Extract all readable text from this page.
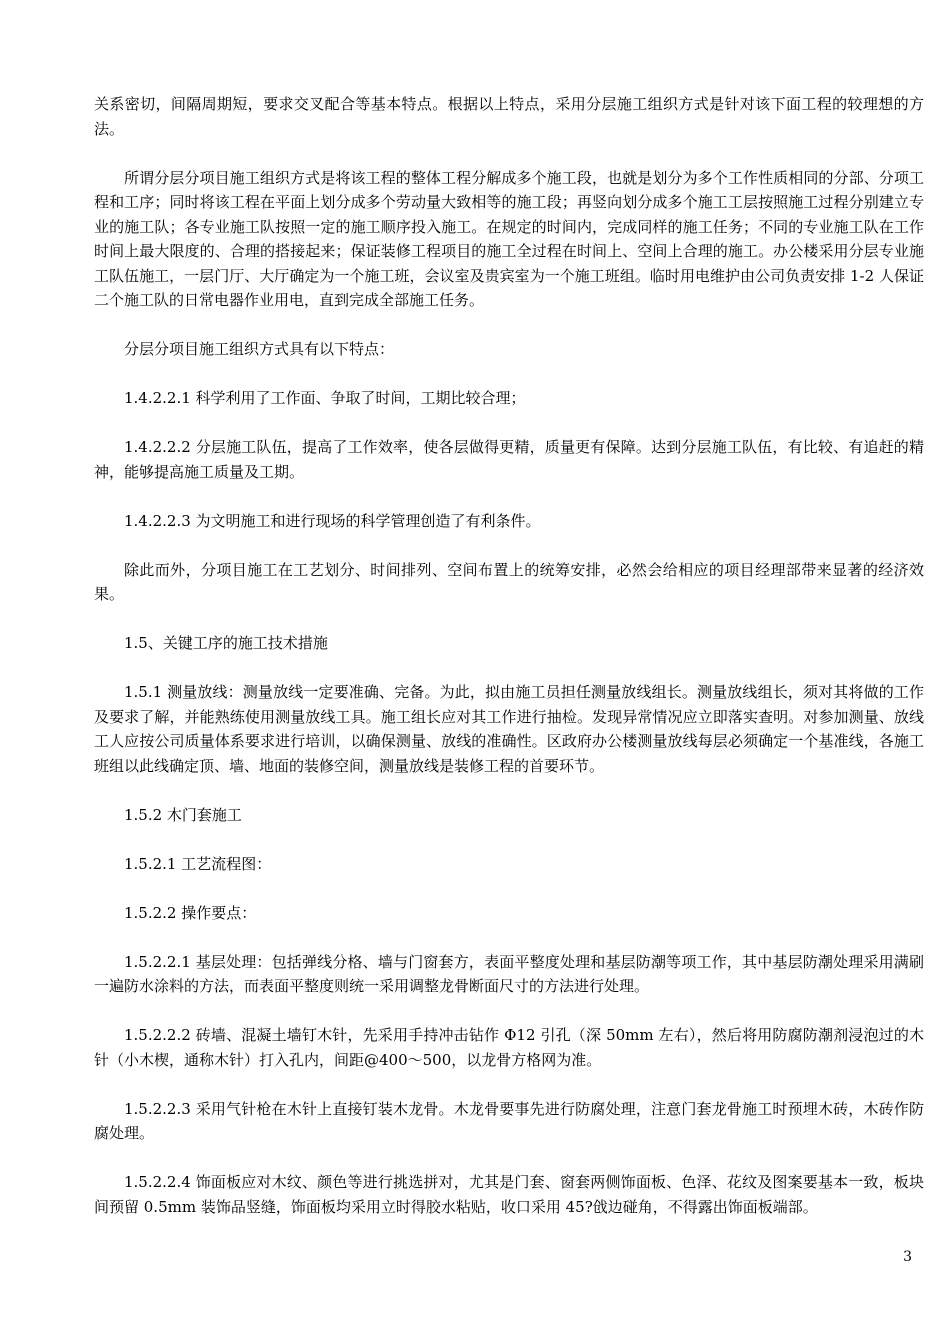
关系密切，间隔周期短，要求交叉配合等基本特点。根据以上特点，采用分层施工组织方式是针对该下面工程的较理想的方法。

所谓分层分项目施工组织方式是将该工程的整体工程分解成多个施工段，也就是划分为多个工作性质相同的分部、分项工程和工序；同时将该工程在平面上划分成多个劳动量大致相等的施工段；再竖向划分成多个施工工层按照施工过程分别建立专业的施工队；各专业施工队按照一定的施工顺序投入施工。在规定的时间内，完成同样的施工任务；不同的专业施工队在工作时间上最大限度的、合理的搭接起来；保证装修工程项目的施工全过程在时间上、空间上合理的施工。办公楼采用分层专业施工队伍施工，一层门厅、大厅确定为一个施工班，会议室及贵宾室为一个施工班组。临时用电维护由公司负责安排 1-2 人保证二个施工队的日常电器作业用电，直到完成全部施工任务。

分层分项目施工组织方式具有以下特点：

1.4.2.2.1 科学利用了工作面、争取了时间，工期比较合理；

1.4.2.2.2 分层施工队伍，提高了工作效率，使各层做得更精，质量更有保障。达到分层施工队伍，有比较、有追赶的精神，能够提高施工质量及工期。

1.4.2.2.3 为文明施工和进行现场的科学管理创造了有利条件。

除此而外，分项目施工在工艺划分、时间排列、空间布置上的统筹安排，必然会给相应的项目经理部带来显著的经济效果。

1.5、关键工序的施工技术措施

1.5.1 测量放线：测量放线一定要准确、完备。为此，拟由施工员担任测量放线组长。测量放线组长，须对其将做的工作及要求了解，并能熟练使用测量放线工具。施工组长应对其工作进行抽检。发现异常情况应立即落实查明。对参加测量、放线工人应按公司质量体系要求进行培训，以确保测量、放线的准确性。区政府办公楼测量放线每层必须确定一个基准线，各施工班组以此线确定顶、墙、地面的装修空间，测量放线是装修工程的首要环节。

1.5.2 木门套施工

1.5.2.1 工艺流程图：

1.5.2.2 操作要点：

1.5.2.2.1 基层处理：包括弹线分格、墙与门窗套方，表面平整度处理和基层防潮等项工作，其中基层防潮处理采用满刷一遍防水涂料的方法，而表面平整度则统一采用调整龙骨断面尺寸的方法进行处理。

1.5.2.2.2 砖墙、混凝土墙钉木针，先采用手持冲击钻作 Φ12 引孔（深 50mm 左右），然后将用防腐防潮剂浸泡过的木针（小木楔，通称木针）打入孔内，间距@400～500，以龙骨方格网为准。

1.5.2.2.3 采用气针枪在木针上直接钉装木龙骨。木龙骨要事先进行防腐处理，注意门套龙骨施工时预埋木砖，木砖作防腐处理。

1.5.2.2.4 饰面板应对木纹、颜色等进行挑选拼对，尤其是门套、窗套两侧饰面板、色泽、花纹及图案要基本一致，板块间预留 0.5mm 装饰品竖缝，饰面板均采用立时得胶水粘贴，收口采用 45?戗边碰角，不得露出饰面板端部。

3
